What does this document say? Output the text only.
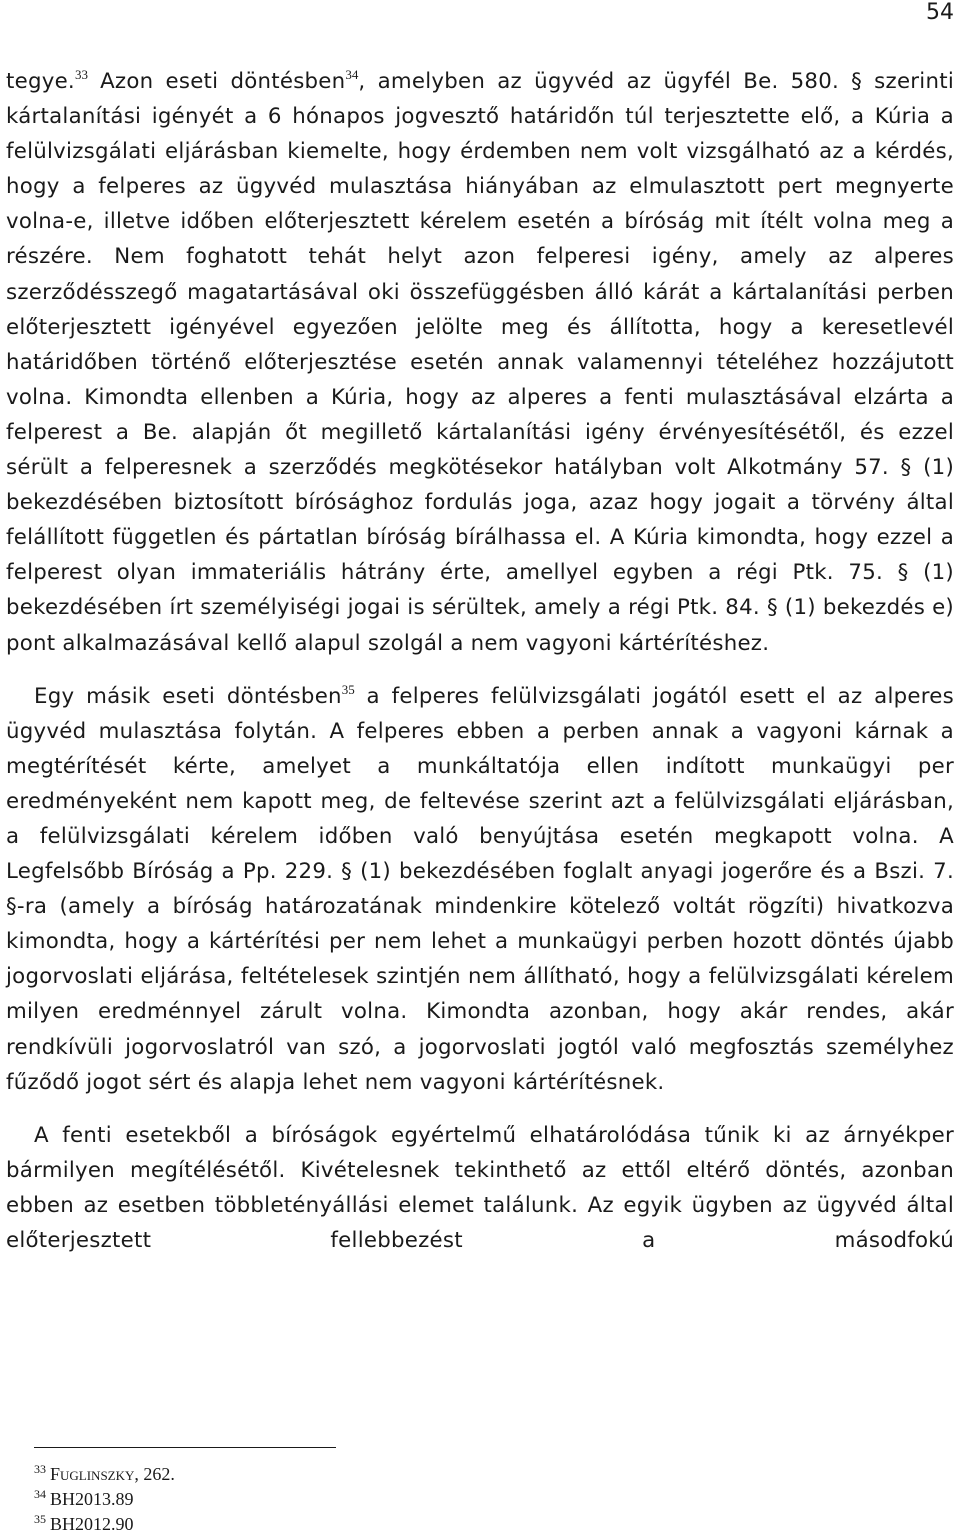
54

tegye.$^{33}$ Azon eseti döntésben$^{34}$, amelyben az ügyvéd az ügyfél Be. 580. § szerinti kártalanítási igényét a 6 hónapos jogvesztő határidőn túl terjesztette elő, a Kúria a felülvizsgálati eljárásban kiemelte, hogy érdemben nem volt vizsgálható az a kérdés, hogy a felperes az ügyvéd mulasztása hiányában az elmulasztott pert megnyerte volna-e, illetve időben előterjesztett kérelem esetén a bíróság mit ítélt volna meg a részére. Nem foghatott tehát helyt azon felperesi igény, amely az alperes szerződésszegő magatartásával oki összefüggésben álló kárát a kártalanítási perben előterjesztett igényével egyezően jelölte meg és állította, hogy a keresetlevél határidőben történő előterjesztése esetén annak valamennyi tételéhez hozzájutott volna. Kimondta ellenben a Kúria, hogy az alperes a fenti mulasztásával elzárta a felperest a Be. alapján őt megillető kártalanítási igény érvényesítésétől, és ezzel sérült a felperesnek a szerződés megkötésekor hatályban volt Alkotmány 57. § (1) bekezdésében biztosított bírósághoz fordulás joga, azaz hogy jogait a törvény által felállított független és pártatlan bíróság bírálhassa el. A Kúria kimondta, hogy ezzel a felperest olyan immateriális hátrány érte, amellyel egyben a régi Ptk. 75. § (1) bekezdésében írt személyiségi jogai is sérültek, amely a régi Ptk. 84. § (1) bekezdés e) pont alkalmazásával kellő alapul szolgál a nem vagyoni kártérítéshez.

Egy másik eseti döntésben$^{35}$ a felperes felülvizsgálati jogától esett el az alperes ügyvéd mulasztása folytán. A felperes ebben a perben annak a vagyoni kárnak a megtérítését kérte, amelyet a munkáltatója ellen indított munkaügyi per eredményeként nem kapott meg, de feltevése szerint azt a felülvizsgálati eljárásban, a felülvizsgálati kérelem időben való benyújtása esetén megkapott volna. A Legfelsőbb Bíróság a Pp. 229. § (1) bekezdésében foglalt anyagi jogerőre és a Bszi. 7. §-ra (amely a bíróság határozatának mindenkire kötelező voltát rögzíti) hivatkozva kimondta, hogy a kártérítési per nem lehet a munkaügyi perben hozott döntés újabb jogorvoslati eljárása, feltételesek szintjén nem állítható, hogy a felülvizsgálati kérelem milyen eredménnyel zárult volna. Kimondta azonban, hogy akár rendes, akár rendkívüli jogorvoslatról van szó, a jogorvoslati jogtól való megfosztás személyhez fűződő jogot sért és alapja lehet nem vagyoni kártérítésnek.

A fenti esetekből a bíróságok egyértelmű elhatárolódása tűnik ki az árnyékper bármilyen megítélésétől. Kivételesnek tekinthető az ettől eltérő döntés, azonban ebben az esetben többletényállási elemet találunk. Az egyik ügyben az ügyvéd által előterjesztett fellebbezést a másodfokú

$^{33}$ Fuglinszky, 262.
$^{34}$ BH2013.89
$^{35}$ BH2012.90
